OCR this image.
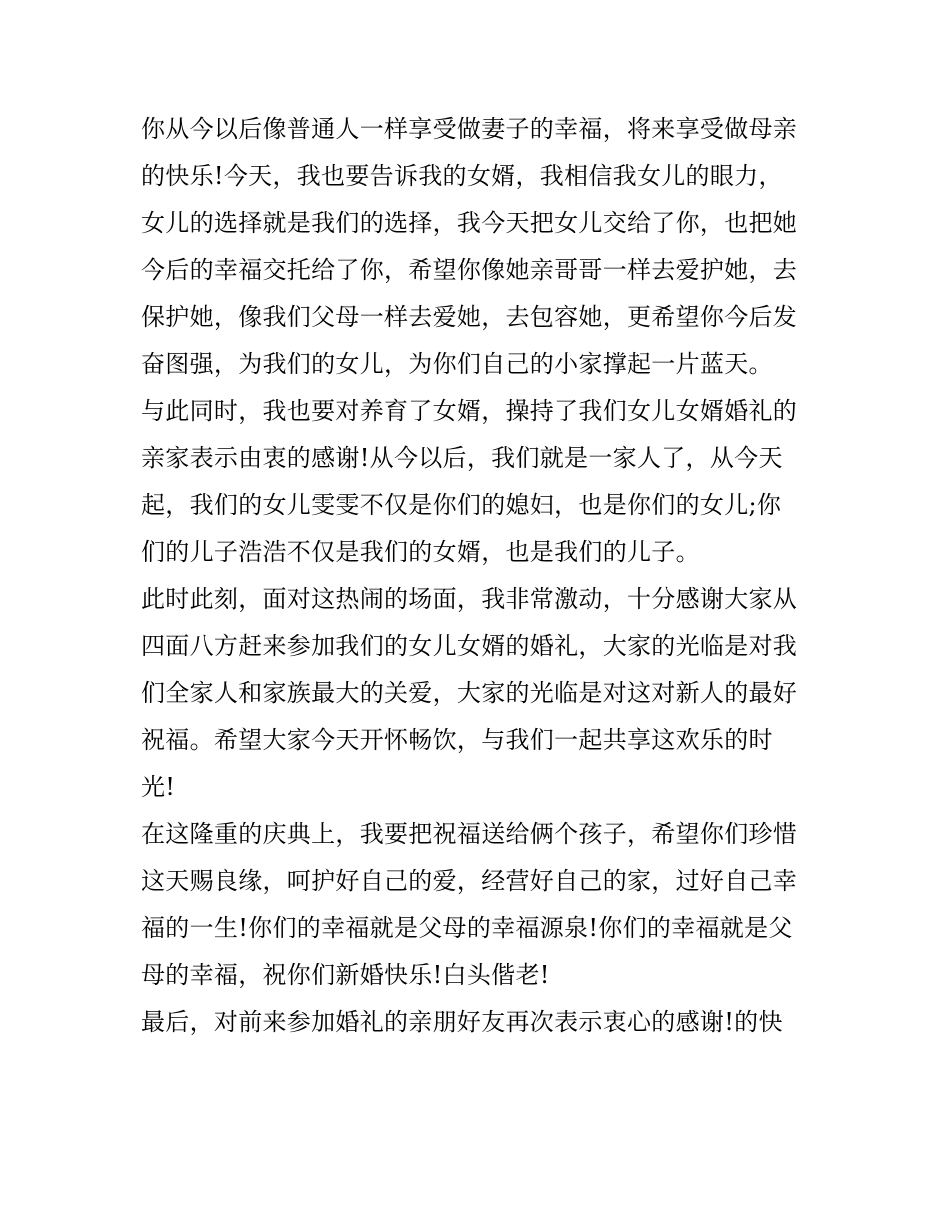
你从今以后像普通人一样享受做妻子的幸福，将来享受做母亲
的快乐!今天，我也要告诉我的女婿，我相信我女儿的眼力，
女儿的选择就是我们的选择，我今天把女儿交给了你，也把她
今后的幸福交托给了你，希望你像她亲哥哥一样去爱护她，去
保护她，像我们父母一样去爱她，去包容她，更希望你今后发
奋图强，为我们的女儿，为你们自己的小家撑起一片蓝天。
与此同时，我也要对养育了女婿，操持了我们女儿女婿婚礼的
亲家表示由衷的感谢!从今以后，我们就是一家人了，从今天
起，我们的女儿雯雯不仅是你们的媳妇，也是你们的女儿;你
们的儿子浩浩不仅是我们的女婿，也是我们的儿子。
此时此刻，面对这热闹的场面，我非常激动，十分感谢大家从
四面八方赶来参加我们的女儿女婿的婚礼，大家的光临是对我
们全家人和家族最大的关爱，大家的光临是对这对新人的最好
祝福。希望大家今天开怀畅饮，与我们一起共享这欢乐的时
光!
在这隆重的庆典上，我要把祝福送给俩个孩子，希望你们珍惜
这天赐良缘，呵护好自己的爱，经营好自己的家，过好自己幸
福的一生!你们的幸福就是父母的幸福源泉!你们的幸福就是父
母的幸福，祝你们新婚快乐!白头偕老!
最后，对前来参加婚礼的亲朋好友再次表示衷心的感谢!的快
